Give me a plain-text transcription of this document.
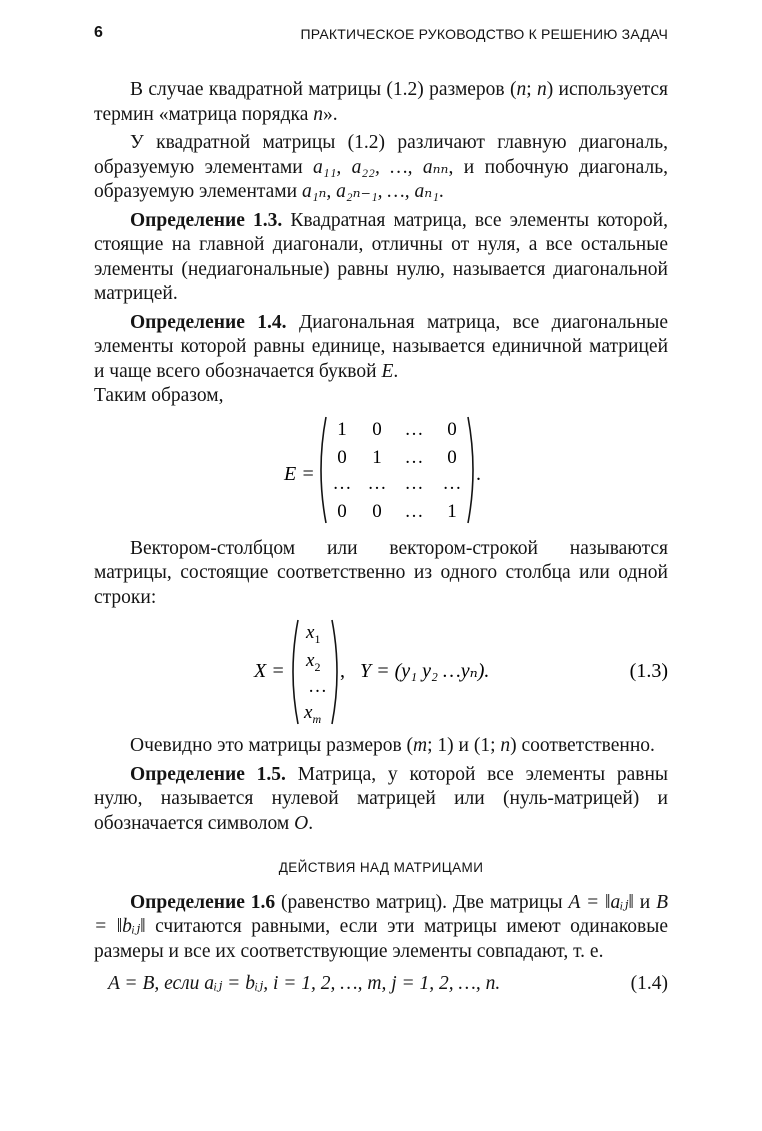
6	ПРАКТИЧЕСКОЕ РУКОВОДСТВО К РЕШЕНИЮ ЗАДАЧ

В случае квадратной матрицы (1.2) размеров (n; n) используется термин «матрица порядка n».

У квадратной матрицы (1.2) различают главную диагональ, образуемую элементами a₁₁, a₂₂, …, aₙₙ, и побочную диагональ, образуемую элементами a₁ₙ, a₂ₙ₋₁, …, aₙ₁.

Определение 1.3. Квадратная матрица, все элементы которой, стоящие на главной диагонали, отличны от нуля, а все остальные элементы (недиагональные) равны нулю, называется диагональной матрицей.

Определение 1.4. Диагональная матрица, все диагональные элементы которой равны единице, называется единичной матрицей и чаще всего обозначается буквой E.

Таким образом,

E =
1 0 … 0
0 1 … 0
… … … …
0 0 … 1
.

Вектором-столбцом или вектором-строкой называются матрицы, состоящие соответственно из одного столбца или одной строки:

X =
$x_1$
$x_2$
…
$x_m$
, Y = (y₁ y₂ …yₙ).	(1.3)

Очевидно это матрицы размеров (m; 1) и (1; n) соответственно.

Определение 1.5. Матрица, у которой все элементы равны нулю, называется нулевой матрицей или (нуль-матрицей) и обозначается символом O.

ДЕЙСТВИЯ НАД МАТРИЦАМИ

Определение 1.6 (равенство матриц). Две матрицы A = ‖aᵢⱼ‖ и B = ‖bᵢⱼ‖ считаются равными, если эти матрицы имеют одинаковые размеры и все их соответствующие элементы совпадают, т. е.

A = B, если aᵢⱼ = bᵢⱼ, i = 1, 2, …, m, j = 1, 2, …, n.	(1.4)
